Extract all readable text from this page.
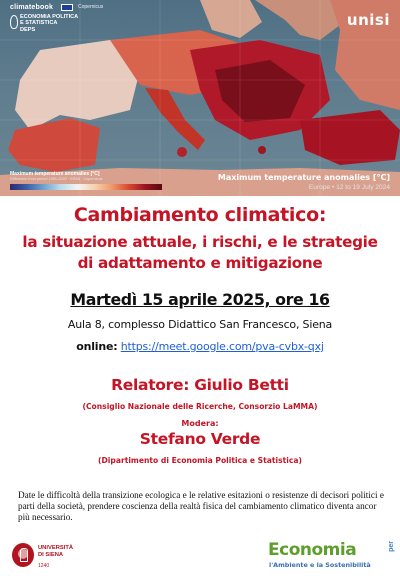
climatebook	Copernicus
ECONOMIA POLITICA
E STATISTICA
DEPS
unisi
Maximum temperature anomalies [°C]
Difference from period 1991-2020 · ERA5 · Copernicus	Maximum temperature anomalies [°C]
Europe • 12 to 19 July 2024
Cambiamento climatico:
la situazione attuale, i rischi, e le strategie
di adattamento e mitigazione
Martedì 15 aprile 2025, ore 16
Aula 8, complesso Didattico San Francesco, Siena
online: https://meet.google.com/pva-cvbx-qxj
Relatore: Giulio Betti
(Consiglio Nazionale delle Ricerche, Consorzio LaMMA)
Modera:
Stefano Verde
(Dipartimento di Economia Politica e Statistica)
Date le difficoltà della transizione ecologica e le relative esitazioni o resistenze di decisori politici e parti della società, prendere coscienza della realtà fisica del cambiamento climatico diventa ancor più necessario.
UNIVERSITÀ
DI SIENA
1240
Economia	per
l'Ambiente e la Sostenibilità
